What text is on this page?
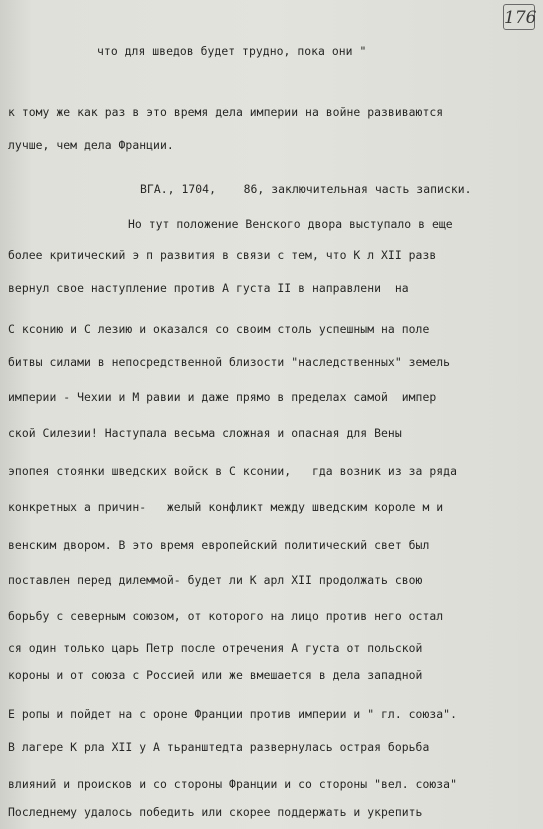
176
что для шведов будет трудно, пока они "
к тому же как раз в это время дела империи на войне развиваются
лучше, чем дела Франции.
ВГА., 1704,    86, заключительная часть записки.
Но тут положение Венского двора выступало в еще
более критический э п развития в связи с тем, что К л XII разв
вернул свое наступление против А густа II в направлени  на
С ксонию и С лезию и оказался со своим столь успешным на поле
битвы силами в непосредственной близости "наследственных" земель
империи - Чехии и М равии и даже прямо в пределах самой  импер
ской Силезии! Наступала весьма сложная и опасная для Вены
эпопея стоянки шведских войск в С ксонии,   гда возник из за ряда
конкретных а причин-   желый конфликт между шведским короле м и
венским двором. В это время европейский политический свет был
поставлен перед дилеммой- будет ли К арл XII продолжать свою
борьбу с северным союзом, от которого на лицо против него остал
ся один только царь Петр после отречения А густа от польской
короны и от союза с Россией или же вмешается в дела западной
Е ропы и пойдет на с ороне Франции против империи и " гл. союза".
В лагере К рла XII у А тьранштедта развернулась острая борьба
влияний и происков и со стороны Франции и со стороны "вел. союза"
Последнему удалось победить или скорее поддержать и укрепить
